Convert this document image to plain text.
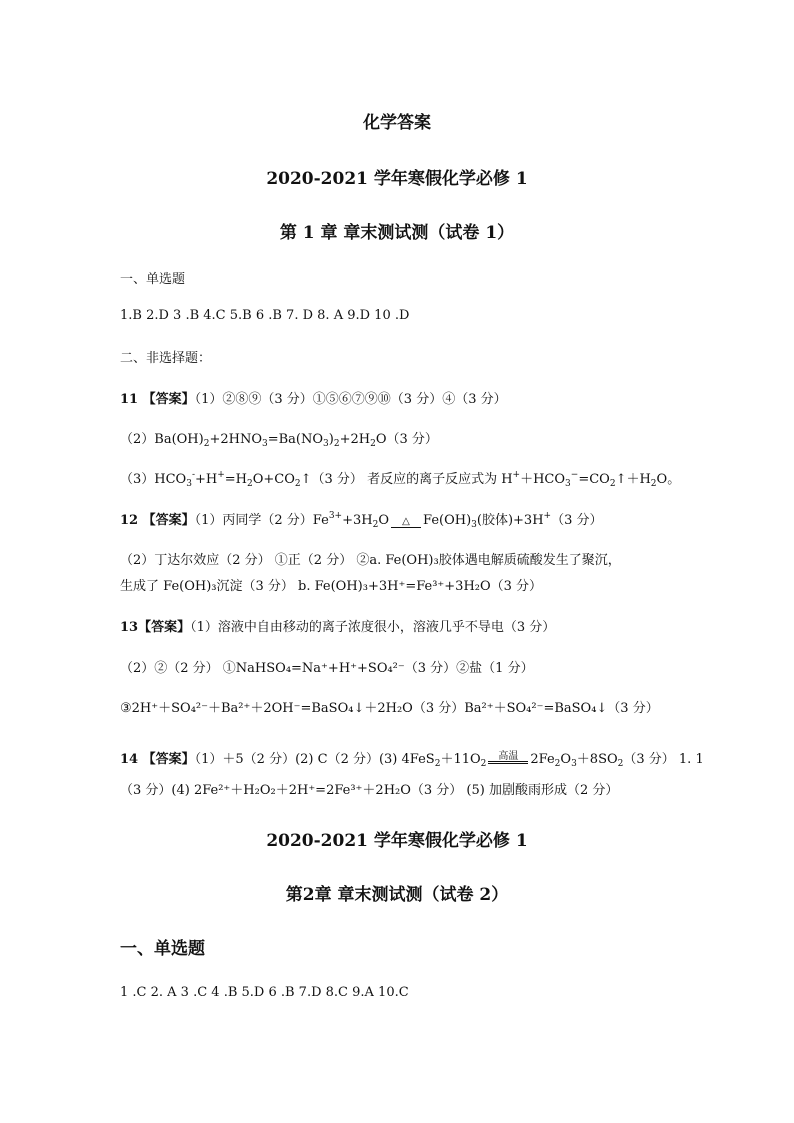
化学答案
2020-2021 学年寒假化学必修 1
第 1 章 章末测试测（试卷 1）
一、单选题
1.B 2.D 3 .B 4.C 5.B 6 .B 7. D 8. A 9.D 10 .D
二、非选择题：
11 【答案】（1）②⑧⑨（3 分）①⑤⑥⑦⑨⑩（3 分）④（3 分）
$(2)Ba(OH)_2+2HNO_3=Ba(NO_3)_2+2H_2O(3$ 分）
$(3)HCO_3^-+H^+=H_2O+CO_2↑(3$ 分） 者反应的离子反应式为 $H^++HCO_3^-=CO_2↑+H_2O$。
12 【答案】（1）丙同学（2 分）$Fe^{3+}+3H_2O\triangle$	$Fe(OH)_3$(胶体)+3H+（3 分）
（2）丁达尔效应（2 分） ①正（2 分） ②a. Fe(OH)₃胶体遇电解质硫酸发生了聚沉，
生成了 Fe(OH)₃沉淀（3 分） b. Fe(OH)₃+3H⁺=Fe³⁺+3H₂O（3 分）
13【答案】（1）溶液中自由移动的离子浓度很小，溶液几乎不导电（3 分）
（2）②（2 分） ①NaHSO₄=Na⁺+H⁺+SO₄²⁻（3 分）②盐（1 分）
③2H⁺＋SO₄²⁻＋Ba²⁺＋2OH⁻=BaSO₄↓＋2H₂O（3 分）Ba²⁺＋SO₄²⁻=BaSO₄↓（3 分）
14 【答案】（1）＋5（2 分）(2) C（2 分）(3) $4FeS_2+11O_2$高温 $2Fe_2O_3+8SO_2(3$ 分） 1. 1
（3 分）(4) 2Fe²⁺＋H₂O₂＋2H⁺=2Fe³⁺＋2H₂O（3 分） (5) 加剧酸雨形成（2 分）
2020-2021 学年寒假化学必修 1
第2章 章末测试测（试卷 2）
一、单选题
1 .C 2. A 3 .C 4 .B 5.D 6 .B 7.D 8.C 9.A 10.C
